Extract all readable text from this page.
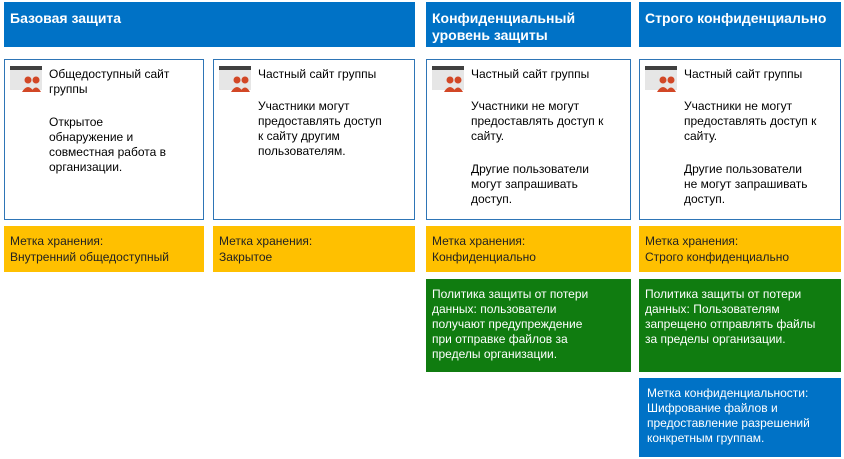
Базовая защита	Конфиденциальный
уровень защиты
Строго конфиденциально
Общедоступный сайт
группы
Открытое
обнаружение и
совместная работа в
организации.
Частный сайт группы
Участники могут
предоставлять доступ
к сайту другим
пользователям.
Частный сайт группы
Участники не могут
предоставлять доступ к
сайту.
Другие пользователи
могут запрашивать
доступ.
Частный сайт группы
Участники не могут
предоставлять доступ к
сайту.
Другие пользователи
не могут запрашивать
доступ.
Метка хранения:
Внутренний общедоступный
Метка хранения:
Закрытое
Метка хранения:
Конфиденциально
Метка хранения:
Строго конфиденциально
Политика защиты от потери
данных: пользователи
получают предупреждение
при отправке файлов за
пределы организации.
Политика защиты от потери
данных: Пользователям
запрещено отправлять файлы
за пределы организации.
Метка конфиденциальности:
Шифрование файлов и
предоставление разрешений
конкретным группам.
